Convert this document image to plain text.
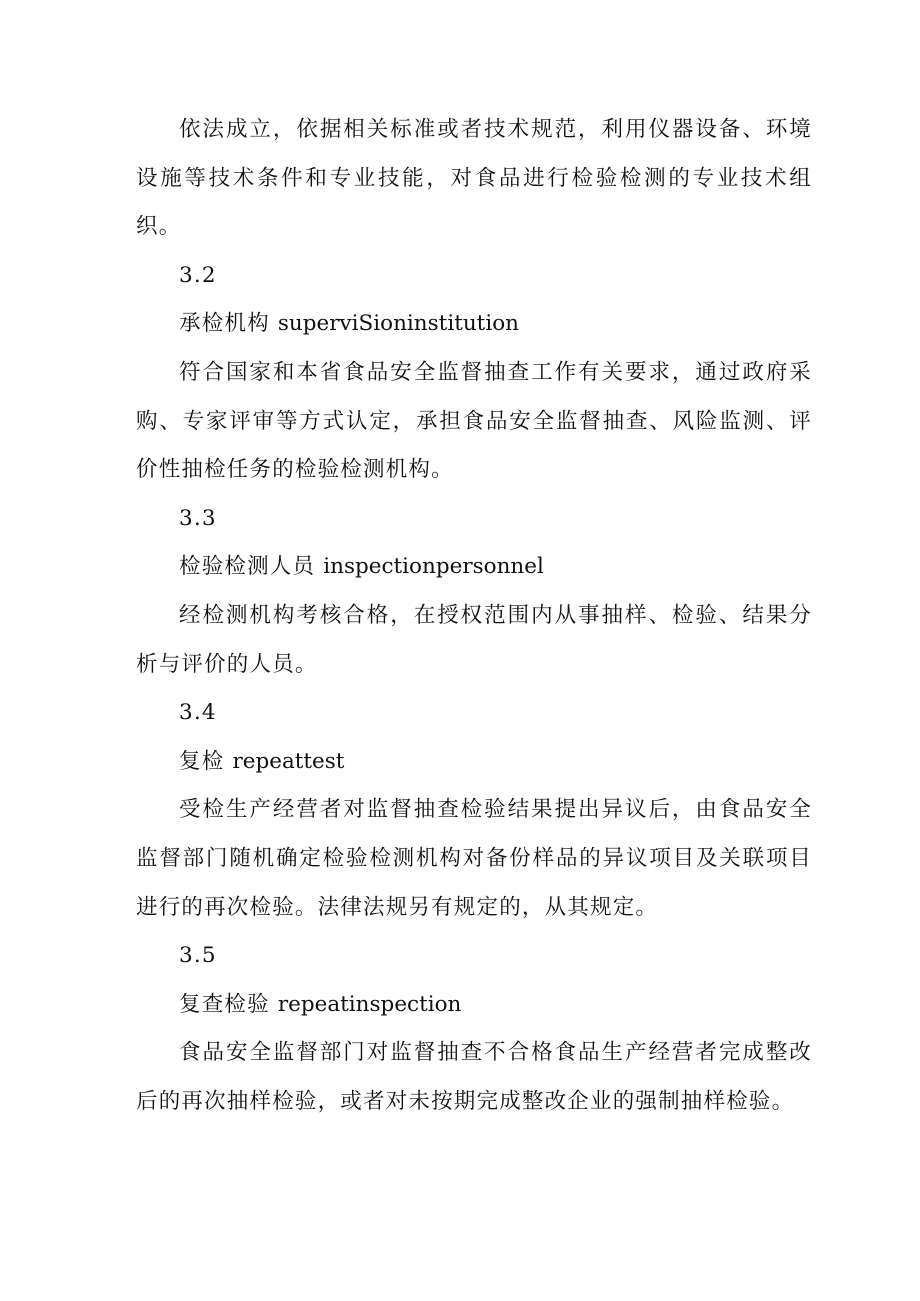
依法成立，依据相关标准或者技术规范，利用仪器设备、环境设施等技术条件和专业技能，对食品进行检验检测的专业技术组织。

3.2

承检机构 superviSioninstitution

符合国家和本省食品安全监督抽查工作有关要求，通过政府采购、专家评审等方式认定，承担食品安全监督抽查、风险监测、评价性抽检任务的检验检测机构。

3.3

检验检测人员 inspectionpersonnel

经检测机构考核合格，在授权范围内从事抽样、检验、结果分析与评价的人员。

3.4

复检 repeattest

受检生产经营者对监督抽查检验结果提出异议后，由食品安全监督部门随机确定检验检测机构对备份样品的异议项目及关联项目进行的再次检验。法律法规另有规定的，从其规定。

3.5

复查检验 repeatinspection

食品安全监督部门对监督抽查不合格食品生产经营者完成整改后的再次抽样检验，或者对未按期完成整改企业的强制抽样检验。
